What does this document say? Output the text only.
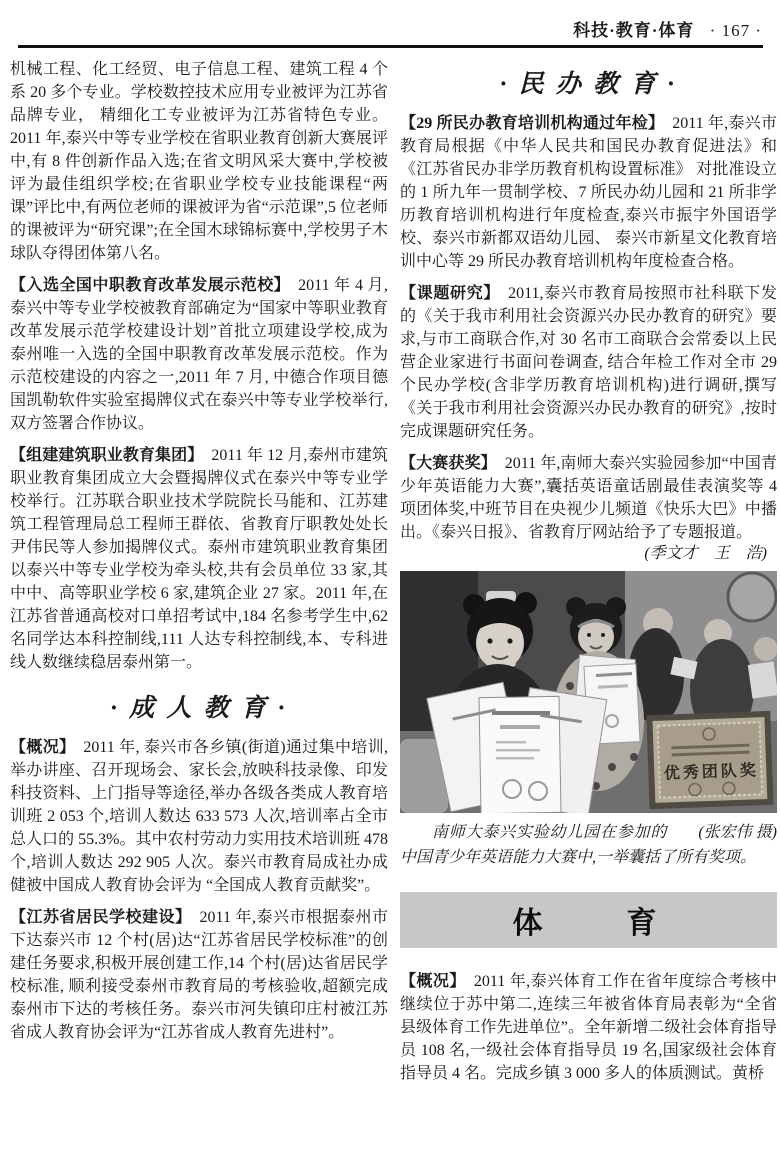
科技·教育·体育 · 167 ·

机械工程、化工经贸、电子信息工程、建筑工程 4 个系 20 多个专业。学校数控技术应用专业被评为江苏省品牌专业， 精细化工专业被评为江苏省特色专业。2011 年,泰兴中等专业学校在省职业教育创新大赛展评中,有 8 件创新作品入选;在省文明风采大赛中,学校被评为最佳组织学校;在省职业学校专业技能课程“两课”评比中,有两位老师的课被评为省“示范课”,5 位老师的课被评为“研究课”;在全国木球锦标赛中,学校男子木球队夺得团体第八名。

【入选全国中职教育改革发展示范校】 2011 年 4 月, 泰兴中等专业学校被教育部确定为“国家中等职业教育改革发展示范学校建设计划”首批立项建设学校,成为泰州唯一入选的全国中职教育改革发展示范校。作为示范校建设的内容之一,2011 年 7 月, 中德合作项目德国凯勒软件实验室揭牌仪式在泰兴中等专业学校举行,双方签署合作协议。

【组建建筑职业教育集团】 2011 年 12 月,泰州市建筑职业教育集团成立大会暨揭牌仪式在泰兴中等专业学校举行。江苏联合职业技术学院院长马能和、江苏建筑工程管理局总工程师王群依、省教育厅职教处处长尹伟民等人参加揭牌仪式。泰州市建筑职业教育集团以泰兴中等专业学校为牵头校,共有会员单位 33 家,其中中、高等职业学校 6 家,建筑企业 27 家。2011 年,在江苏省普通高校对口单招考试中,184 名参考学生中,62 名同学达本科控制线,111 人达专科控制线,本、专科进线人数继续稳居泰州第一。

· 成 人 教 育 ·

【概况】 2011 年, 泰兴市各乡镇(街道)通过集中培训,举办讲座、召开现场会、家长会,放映科技录像、印发科技资料、上门指导等途径,举办各级各类成人教育培训班 2 053 个,培训人数达 633 573 人次,培训率占全市总人口的 55.3%。其中农村劳动力实用技术培训班 478 个,培训人数达 292 905 人次。泰兴市教育局成社办成健被中国成人教育协会评为 “全国成人教育贡献奖”。

【江苏省居民学校建设】 2011 年,泰兴市根据泰州市下达泰兴市 12 个村(居)达“江苏省居民学校标准”的创建任务要求,积极开展创建工作,14 个村(居)达省居民学校标准, 顺利接受泰州市教育局的考核验收,超额完成泰州市下达的考核任务。泰兴市河失镇印庄村被江苏省成人教育协会评为“江苏省成人教育先进村”。

· 民 办 教 育 ·

【29 所民办教育培训机构通过年检】 2011 年,泰兴市教育局根据《中华人民共和国民办教育促进法》和《江苏省民办非学历教育机构设置标准》 对批准设立的 1 所九年一贯制学校、7 所民办幼儿园和 21 所非学历教育培训机构进行年度检查,泰兴市振宇外国语学校、泰兴市新都双语幼儿园、 泰兴市新星文化教育培训中心等 29 所民办教育培训机构年度检查合格。

【课题研究】 2011,泰兴市教育局按照市社科联下发的《关于我市利用社会资源兴办民办教育的研究》要求,与市工商联合作,对 30 名市工商联合会常委以上民营企业家进行书面问卷调查, 结合年检工作对全市 29 个民办学校(含非学历教育培训机构)进行调研,撰写《关于我市利用社会资源兴办民办教育的研究》,按时完成课题研究任务。

【大赛获奖】 2011 年,南师大泰兴实验园参加“中国青少年英语能力大赛”,囊括英语童话剧最佳表演奖等 4 项团体奖,中班节目在央视少儿频道《快乐大巴》中播出。《泰兴日报》、省教育厅网站给予了专题报道。

(季文才　王　浩)
优秀团队奖
(张宏伟 摄)
南师大泰兴实验幼儿园在参加的中国青少年英语能力大赛中,一举囊括了所有奖项。
体　　育

【概况】 2011 年,泰兴体育工作在省年度综合考核中继续位于苏中第二,连续三年被省体育局表彰为“全省县级体育工作先进单位”。全年新增二级社会体育指导员 108 名,一级社会体育指导员 19 名,国家级社会体育指导员 4 名。完成乡镇 3 000 多人的体质测试。黄桥
